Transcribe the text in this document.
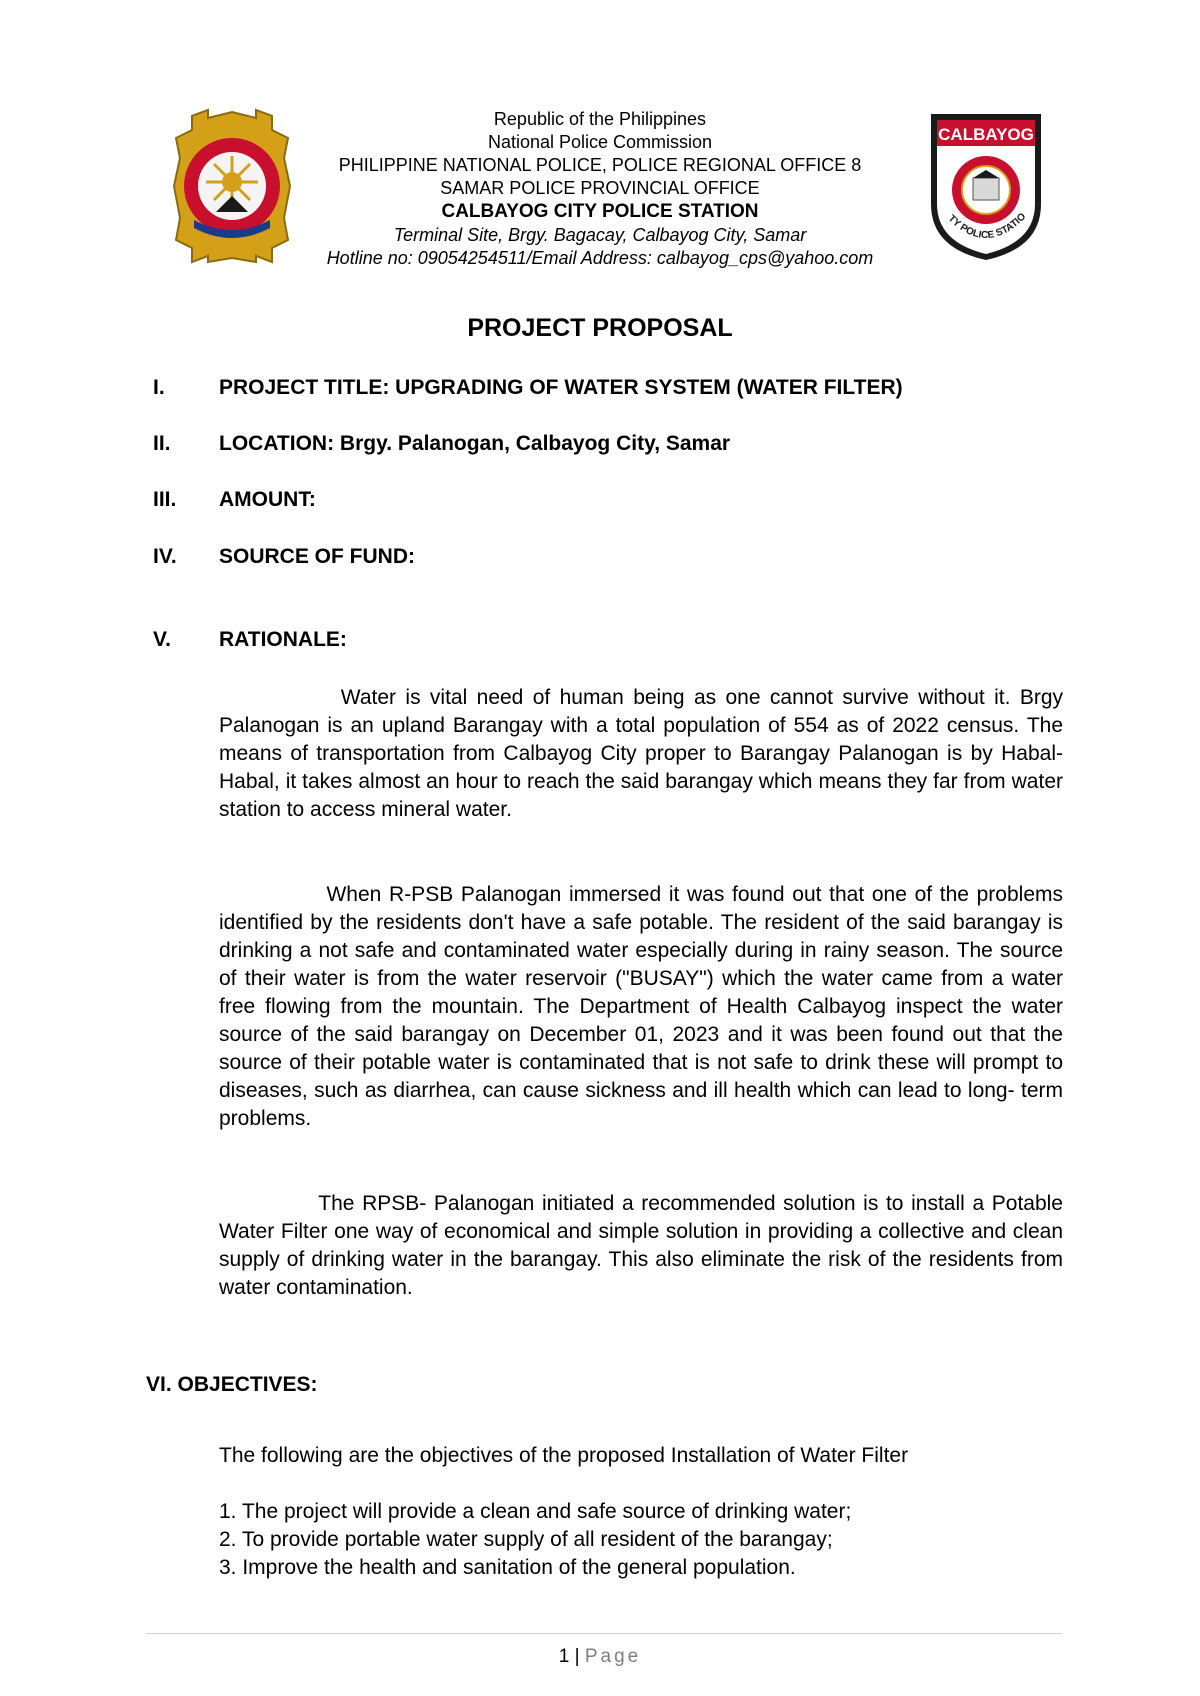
Republic of the Philippines
National Police Commission
PHILIPPINE NATIONAL POLICE, POLICE REGIONAL OFFICE 8
SAMAR POLICE PROVINCIAL OFFICE
CALBAYOG CITY POLICE STATION
Terminal Site, Brgy. Bagacay, Calbayog City, Samar
Hotline no: 09054254511/Email Address: calbayog_cps@yahoo.com
CALBAYOG
TY POLICE STATIO
PROJECT PROPOSAL
I.	PROJECT TITLE: UPGRADING OF WATER SYSTEM (WATER FILTER)
II.	LOCATION: Brgy. Palanogan, Calbayog City, Samar
III.	AMOUNT:
IV.	SOURCE OF FUND:
V.	RATIONALE:
Water is vital need of human being as one cannot survive without it. Brgy Palanogan is an upland Barangay with a total population of 554 as of 2022 census. The means of transportation from Calbayog City proper to Barangay Palanogan is by Habal-Habal, it takes almost an hour to reach the said barangay which means they far from water station to access mineral water.
When R-PSB Palanogan immersed it was found out that one of the problems identified by the residents don't have a safe potable. The resident of the said barangay is drinking a not safe and contaminated water especially during in rainy season. The source of their water is from the water reservoir ("BUSAY") which the water came from a water free flowing from the mountain. The Department of Health Calbayog inspect the water source of the said barangay on December 01, 2023 and it was been found out that the source of their potable water is contaminated that is not safe to drink these will prompt to diseases, such as diarrhea, can cause sickness and ill health which can lead to long- term problems.
The RPSB- Palanogan initiated a recommended solution is to install a Potable Water Filter one way of economical and simple solution in providing a collective and clean supply of drinking water in the barangay. This also eliminate the risk of the residents from water contamination.
VI. OBJECTIVES:
The following are the objectives of the proposed Installation of Water Filter
1. The project will provide a clean and safe source of drinking water;
2. To provide portable water supply of all resident of the barangay;
3. Improve the health and sanitation of the general population.
1 | Page
